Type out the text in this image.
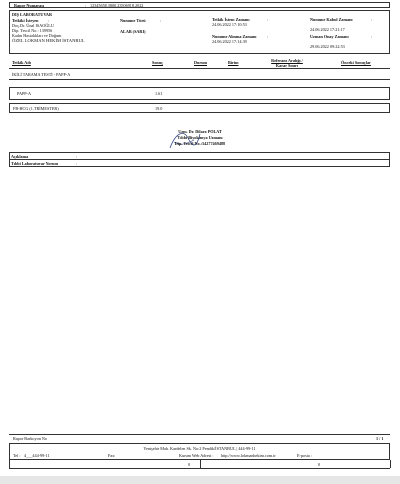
Rapor Numarası	: 12345658.3800.23506918.2022
DIŞ LABORATUVAR
Tetkiki İsteyen :
Doç.Dr. Ünal ISAOĞLU
Dip. Tescil No.: 139956
Kadın Hastalıkları ve Doğum
ÖZEL LOKMAN HEKİM İSTANBUL
Numune Türü	:
ALAB (SARI)
Tetkik İstem Zamanı	:
24.06.2022 17:10:53
Numune Alınma Zamanı	:
24.06.2022 17:14:39
Numune Kabul Zamanı	:
24.06.2022 17:21:17
Uzman Onay Zamanı	:
29.06.2022 09:22:53
Tetkik Adı	Sonuç	Durum	Birim	Referans Aralığı /
Karar Sınırı
Önceki Sonuçlar
İKİLİ TARAMA TESTİ - PAPP-A
PAPP-A	1.61
FB-HCG (1.TRİMESTER)	19.0
Uzm. Dr. Dilara POLAT
Tıbbi Biyokimya Uzmanı
Dip. Tescil No.:54277469488
Açıklama	:
Tıbbi Laboratuvar Yorum	:
Rapor Barkoyon No	1 / 1
Yenişehir Mah. Kardelen Sk. No:2 Pendik/İSTANBUL | 444-99-11
Tel : 4___444-99-11	Fax:	Kurum Web Adresi : http://www.lokmanhekim.com.tr	E-posta :
0	0
